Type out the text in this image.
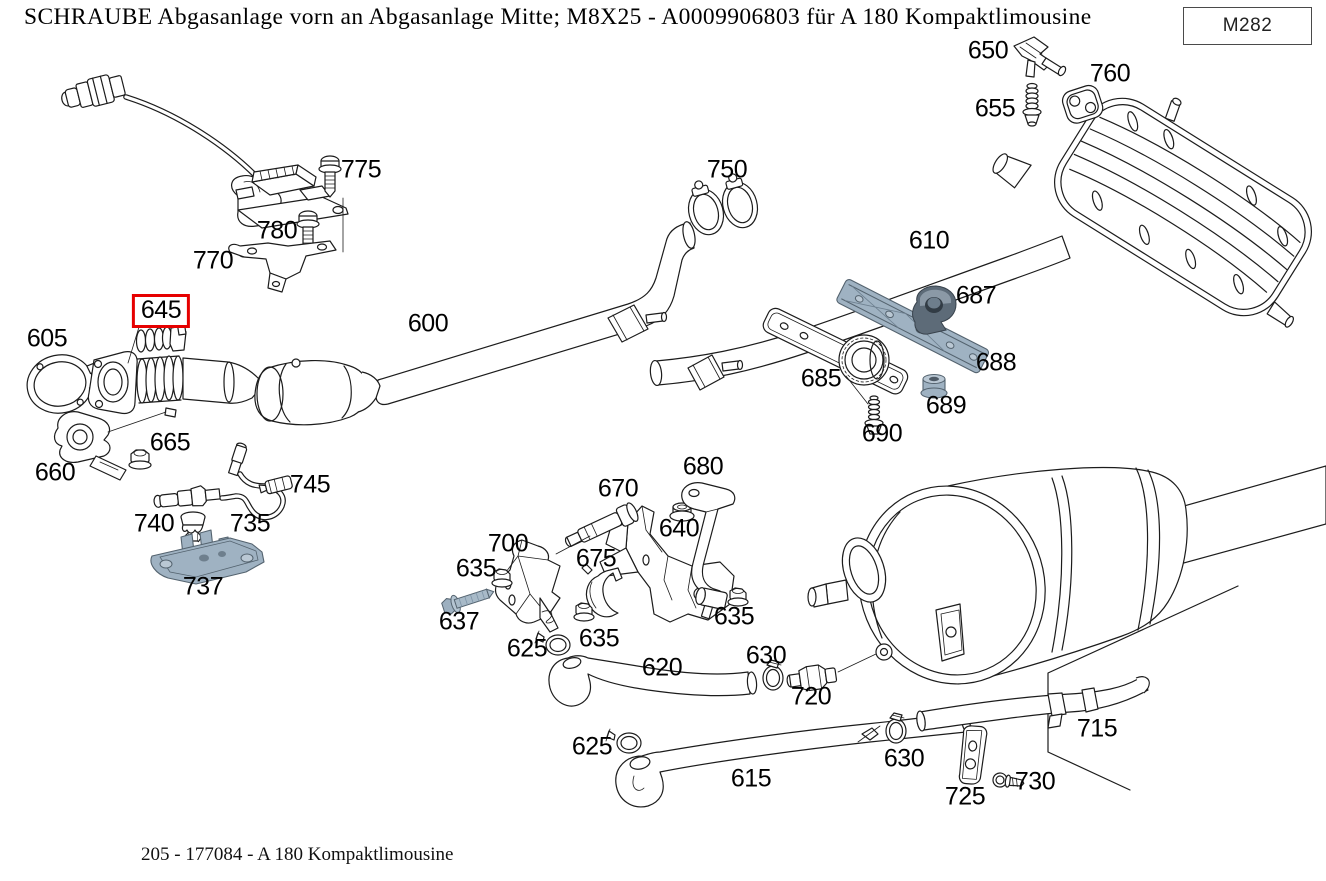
SCHRAUBE Abgasanlage vorn an Abgasanlage Mitte; M8X25 - A0009906803 für A 180 Kompaktlimousine	M282
650
760
655
775	750
780	610
770
687
645	600
605
688
685
689
690
665
680
660	745	670
740 735	640
700
675
635
737
635
637
635
625	630
620
720
715
625	630
615	730
725
205 - 177084 - A 180 Kompaktlimousine
